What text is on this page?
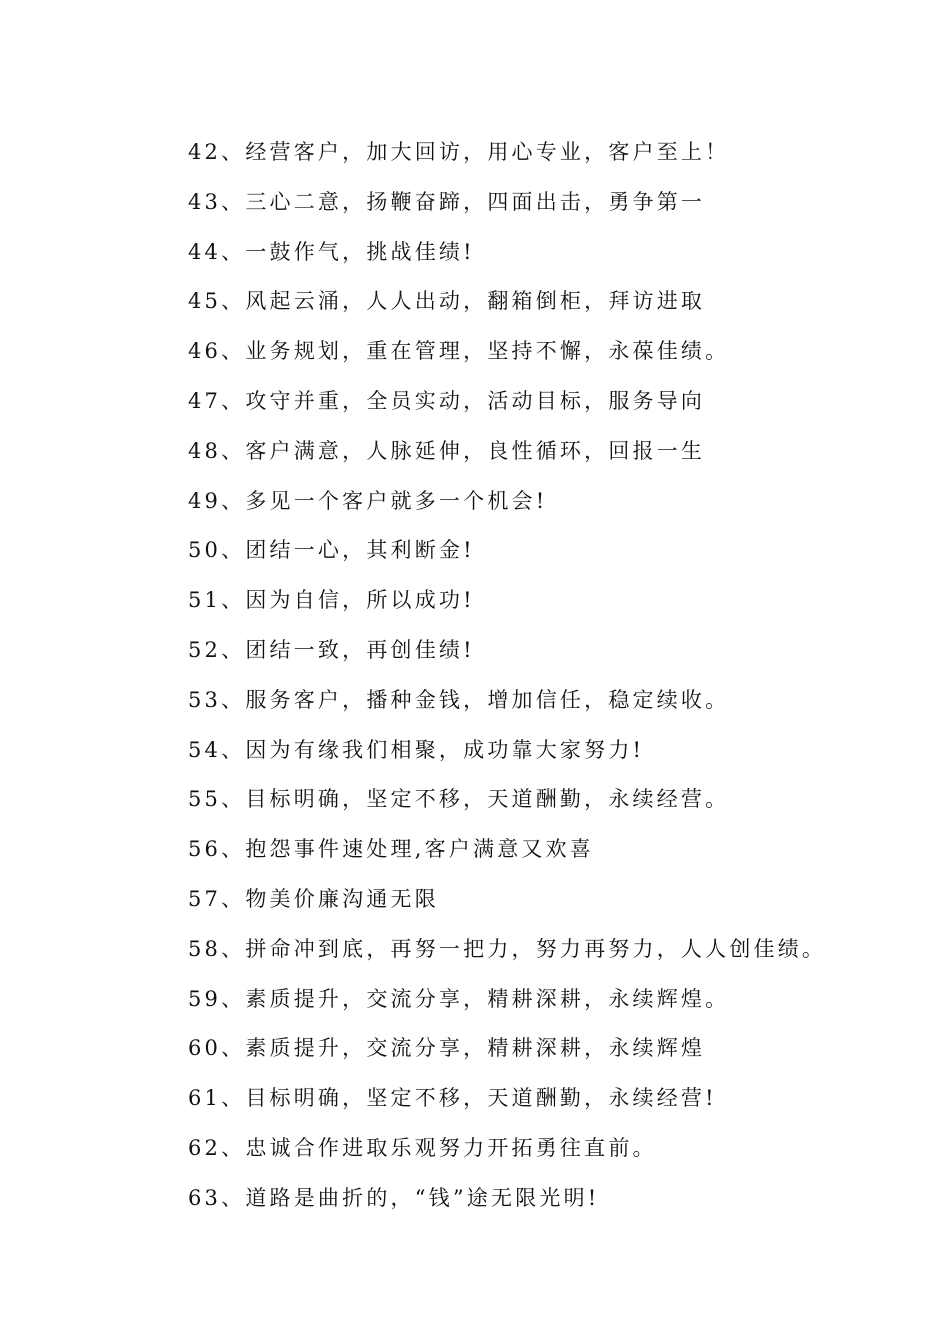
42、经营客户，加大回访，用心专业，客户至上！
43、三心二意，扬鞭奋蹄，四面出击，勇争第一
44、一鼓作气，挑战佳绩!
45、风起云涌，人人出动，翻箱倒柜，拜访进取
46、业务规划，重在管理，坚持不懈，永葆佳绩。
47、攻守并重，全员实动，活动目标，服务导向
48、客户满意，人脉延伸，良性循环，回报一生
49、多见一个客户就多一个机会!
50、团结一心，其利断金!
51、因为自信，所以成功!
52、团结一致，再创佳绩!
53、服务客户，播种金钱，增加信任，稳定续收。
54、因为有缘我们相聚，成功靠大家努力!
55、目标明确，坚定不移，天道酬勤，永续经营。
56、抱怨事件速处理,客户满意又欢喜
57、物美价廉沟通无限
58、拼命冲到底，再努一把力，努力再努力，人人创佳绩。
59、素质提升，交流分享，精耕深耕，永续辉煌。
60、素质提升，交流分享，精耕深耕，永续辉煌
61、目标明确，坚定不移，天道酬勤，永续经营!
62、忠诚合作进取乐观努力开拓勇往直前。
63、道路是曲折的，“钱”途无限光明!
